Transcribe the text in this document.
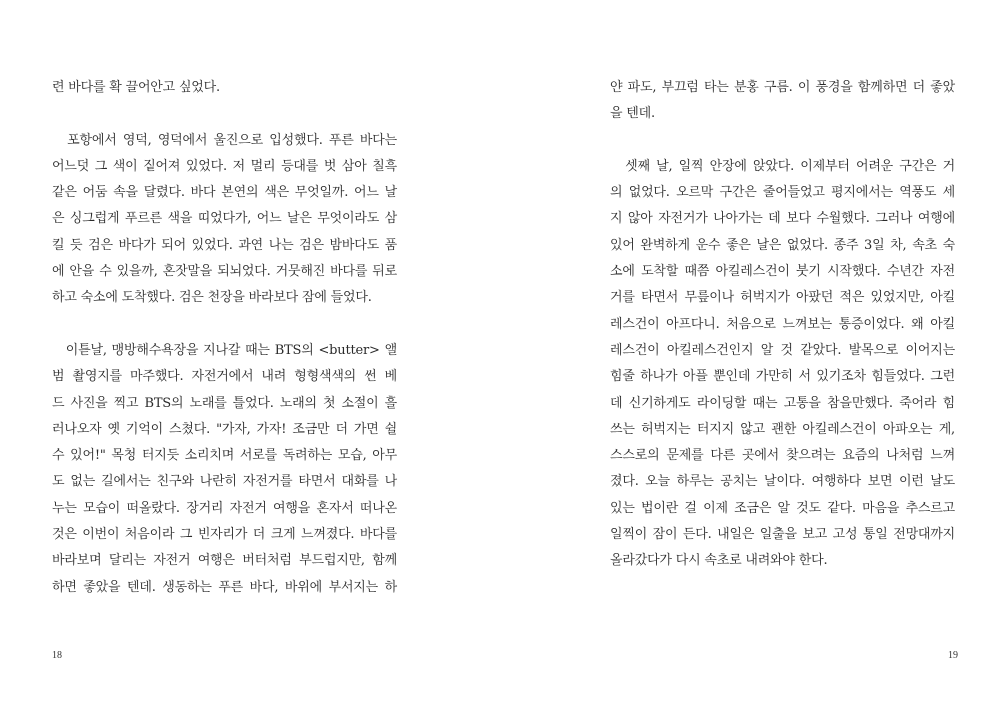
련 바다를 확 끌어안고 싶었다.
　포항에서 영덕, 영덕에서 울진으로 입성했다. 푸른 바다는
어느덧 그 색이 짙어져 있었다. 저 멀리 등대를 벗 삼아 칠흑
같은 어둠 속을 달렸다. 바다 본연의 색은 무엇일까. 어느 날
은 싱그럽게 푸르른 색을 띠었다가, 어느 날은 무엇이라도 삼
킬 듯 검은 바다가 되어 있었다. 과연 나는 검은 밤바다도 품
에 안을 수 있을까, 혼잣말을 되뇌었다. 거뭇해진 바다를 뒤로
하고 숙소에 도착했다. 검은 천장을 바라보다 잠에 들었다.
　이튿날, 맹방해수욕장을 지나갈 때는 BTS의 <butter> 앨
범 촬영지를 마주했다. 자전거에서 내려 형형색색의 썬 베
드 사진을 찍고 BTS의 노래를 틀었다. 노래의 첫 소절이 흘
러나오자 옛 기억이 스쳤다. "가자, 가자! 조금만 더 가면 쉴
수 있어!" 목청 터지듯 소리치며 서로를 독려하는 모습, 아무
도 없는 길에서는 친구와 나란히 자전거를 타면서 대화를 나
누는 모습이 떠올랐다. 장거리 자전거 여행을 혼자서 떠나온
것은 이번이 처음이라 그 빈자리가 더 크게 느껴졌다. 바다를
바라보며 달리는 자전거 여행은 버터처럼 부드럽지만, 함께
하면 좋았을 텐데. 생동하는 푸른 바다, 바위에 부서지는 하
18
얀 파도, 부끄럼 타는 분홍 구름. 이 풍경을 함께하면 더 좋았
을 텐데.
　셋째 날, 일찍 안장에 앉았다. 이제부터 어려운 구간은 거
의 없었다. 오르막 구간은 줄어들었고 평지에서는 역풍도 세
지 않아 자전거가 나아가는 데 보다 수월했다. 그러나 여행에
있어 완벽하게 운수 좋은 날은 없었다. 종주 3일 차, 속초 숙
소에 도착할 때쯤 아킬레스건이 붓기 시작했다. 수년간 자전
거를 타면서 무릎이나 허벅지가 아팠던 적은 있었지만, 아킬
레스건이 아프다니. 처음으로 느껴보는 통증이었다. 왜 아킬
레스건이 아킬레스건인지 알 것 같았다. 발목으로 이어지는
힘줄 하나가 아플 뿐인데 가만히 서 있기조차 힘들었다. 그런
데 신기하게도 라이딩할 때는 고통을 참을만했다. 죽어라 힘
쓰는 허벅지는 터지지 않고 괜한 아킬레스건이 아파오는 게,
스스로의 문제를 다른 곳에서 찾으려는 요즘의 나처럼 느껴
졌다. 오늘 하루는 공치는 날이다. 여행하다 보면 이런 날도
있는 법이란 걸 이제 조금은 알 것도 같다. 마음을 추스르고
일찍이 잠이 든다. 내일은 일출을 보고 고성 통일 전망대까지
올라갔다가 다시 속초로 내려와야 한다.
19
